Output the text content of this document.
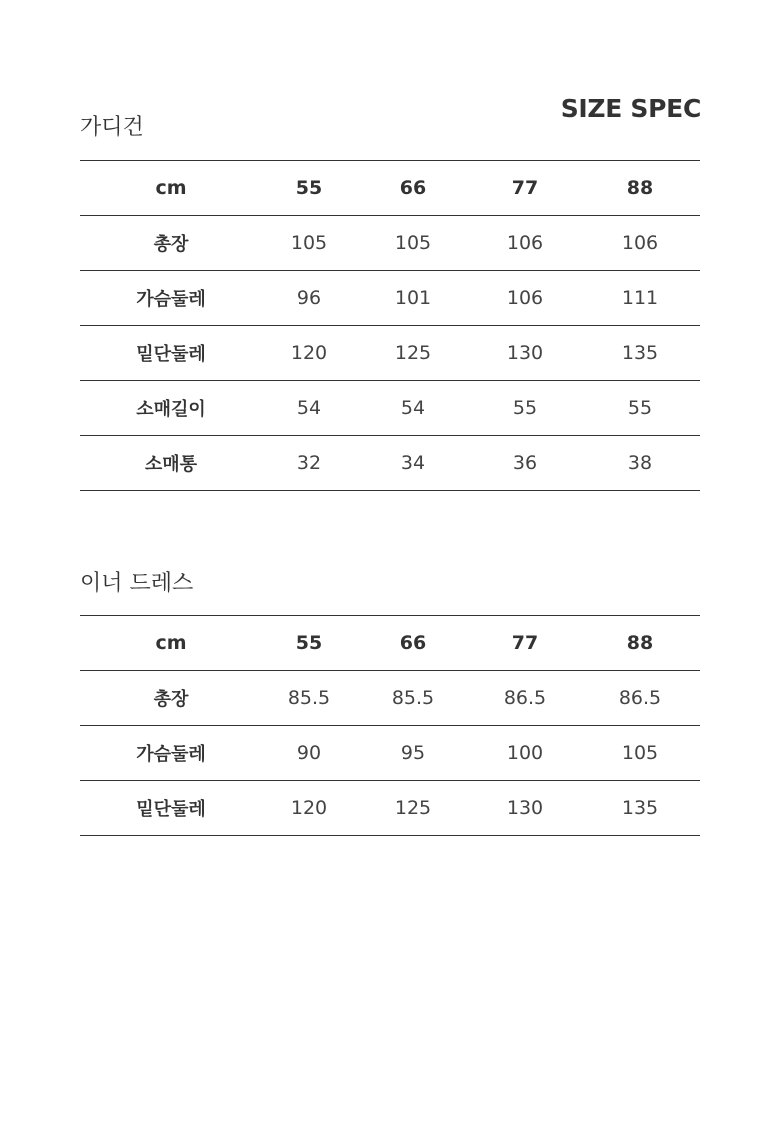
SIZE SPEC
가디건
cm	55	66	77	88
총장	105	105	106	106
가슴둘레	96	101	106	111
밑단둘레	120	125	130	135
소매길이	54	54	55	55
소매통	32	34	36	38
이너 드레스
cm	55	66	77	88
총장	85.5	85.5	86.5	86.5
가슴둘레	90	95	100	105
밑단둘레	120	125	130	135
